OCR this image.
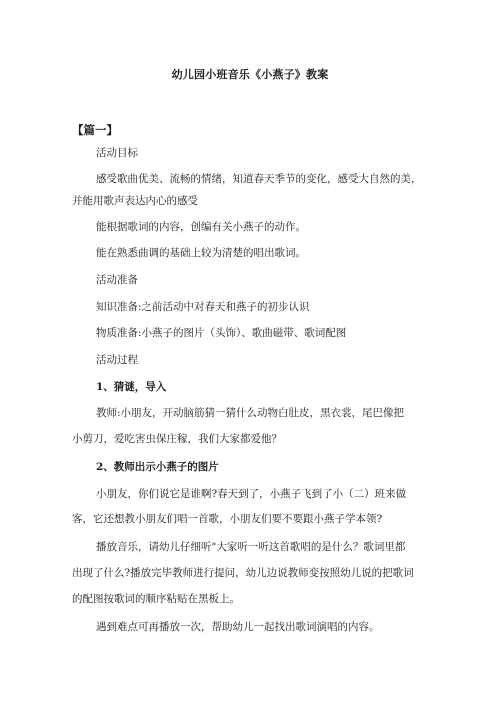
幼儿园小班音乐《小燕子》教案
【篇一】
活动目标
感受歌曲优美、流畅的情绪，知道春天季节的变化，感受大自然的美，
并能用歌声表达内心的感受
能根据歌词的内容，创编有关小燕子的动作。
能在熟悉曲调的基础上较为清楚的唱出歌词。
活动准备
知识准备:之前活动中对春天和燕子的初步认识
物质准备:小燕子的图片（头饰）、歌曲磁带、歌词配图
活动过程
1、猜谜，导入
教师:小朋友，开动脑筋猜一猜什么动物白肚皮，黑衣裳，尾巴像把
小剪刀，爱吃害虫保庄稼，我们大家都爱他？
2、教师出示小燕子的图片
小朋友，你们说它是谁啊?春天到了，小燕子飞到了小（二）班来做
客，它还想教小朋友们唱一首歌，小朋友们要不要跟小燕子学本领?
播放音乐，请幼儿仔细听"大家听一听这首歌唱的是什么？歌词里都
出现了什么?播放完毕教师进行提问，幼儿边说教师变按照幼儿说的把歌词
的配图按歌词的顺序粘贴在黑板上。
遇到难点可再播放一次，帮助幼儿一起找出歌词演唱的内容。
